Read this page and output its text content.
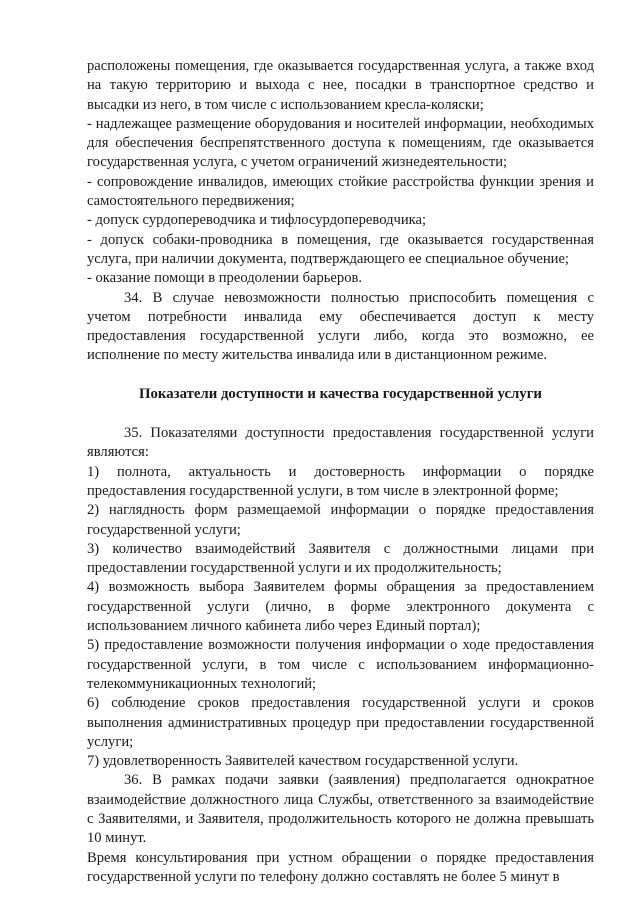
расположены помещения, где оказывается государственная услуга, а также вход на такую территорию и выхода с нее, посадки в транспортное средство и высадки из него, в том числе с использованием кресла-коляски;

- надлежащее размещение оборудования и носителей информации, необходимых для обеспечения беспрепятственного доступа к помещениям, где оказывается государственная услуга, с учетом ограничений жизнедеятельности;

- сопровождение инвалидов, имеющих стойкие расстройства функции зрения и самостоятельного передвижения;

- допуск сурдопереводчика и тифлосурдопереводчика;

- допуск собаки-проводника в помещения, где оказывается государственная услуга, при наличии документа, подтверждающего ее специальное обучение;

- оказание помощи в преодолении барьеров.

34. В случае невозможности полностью приспособить помещения с учетом потребности инвалида ему обеспечивается доступ к месту предоставления государственной услуги либо, когда это возможно, ее исполнение по месту жительства инвалида или в дистанционном режиме.

Показатели доступности и качества государственной услуги

35. Показателями доступности предоставления государственной услуги являются:

1) полнота, актуальность и достоверность информации о порядке предоставления государственной услуги, в том числе в электронной форме;

2) наглядность форм размещаемой информации о порядке предоставления государственной услуги;

3) количество взаимодействий Заявителя с должностными лицами при предоставлении государственной услуги и их продолжительность;

4) возможность выбора Заявителем формы обращения за предоставлением государственной услуги (лично, в форме электронного документа с использованием личного кабинета либо через Единый портал);

5) предоставление возможности получения информации о ходе предоставления государственной услуги, в том числе с использованием информационно-телекоммуникационных технологий;

6) соблюдение сроков предоставления государственной услуги и сроков выполнения административных процедур при предоставлении государственной услуги;

7) удовлетворенность Заявителей качеством государственной услуги.

36. В рамках подачи заявки (заявления) предполагается однократное взаимодействие должностного лица Службы, ответственного за взаимодействие с Заявителями, и Заявителя, продолжительность которого не должна превышать 10 минут.

Время консультирования при устном обращении о порядке предоставления государственной услуги по телефону должно составлять не более 5 минут в
